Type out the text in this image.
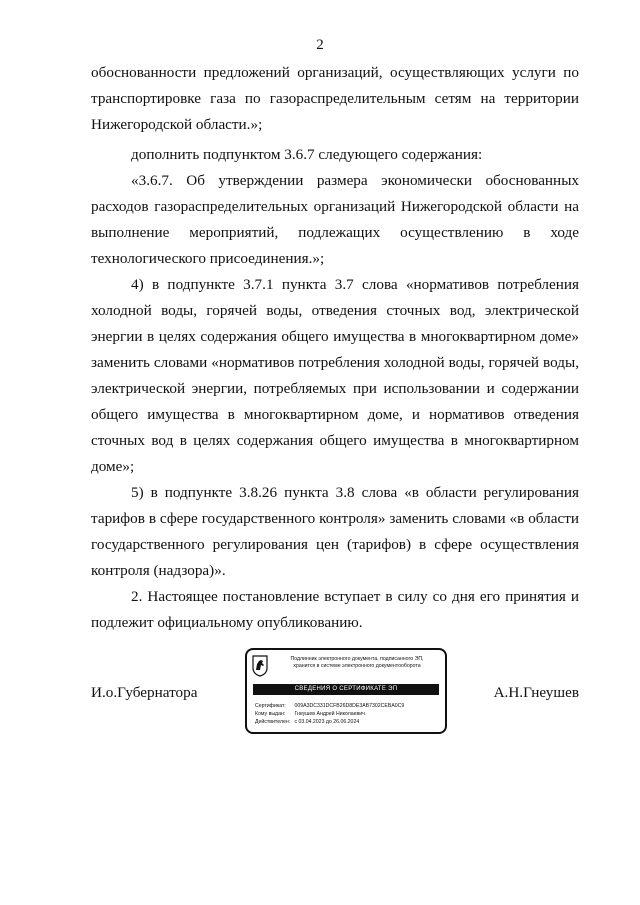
2

обоснованности предложений организаций, осуществляющих услуги по транспортировке газа по газораспределительным сетям на территории Нижегородской области.»;

дополнить подпунктом 3.6.7 следующего содержания:

«3.6.7. Об утверждении размера экономически обоснованных расходов газораспределительных организаций Нижегородской области на выполнение мероприятий, подлежащих осуществлению в ходе технологического присоединения.»;

4) в подпункте 3.7.1 пункта 3.7 слова «нормативов потребления холодной воды, горячей воды, отведения сточных вод, электрической энергии в целях содержания общего имущества в многоквартирном доме» заменить словами «нормативов потребления холодной воды, горячей воды, электрической энергии, потребляемых при использовании и содержании общего имущества в многоквартирном доме, и нормативов отведения сточных вод в целях содержания общего имущества в многоквартирном доме»;

5) в подпункте 3.8.26 пункта 3.8 слова «в области регулирования тарифов в сфере государственного контроля» заменить словами «в области государственного регулирования цен (тарифов) в сфере осуществления контроля (надзора)».

2. Настоящее постановление вступает в силу со дня его принятия и подлежит официальному опубликованию.

И.о.Губернатора
Подлинник электронного документа, подписанного ЭП,
хранится в системе электронного документооборота
СВЕДЕНИЯ О СЕРТИФИКАТЕ ЭП
Сертификат: 009A3DC331DCFB26D8DE3AB7302CEBA0C9
Кому выдан: Гнеушев Андрей Николаевич
Действителен: с 03.04.2023 до 26.06.2024
А.Н.Гнеушев
